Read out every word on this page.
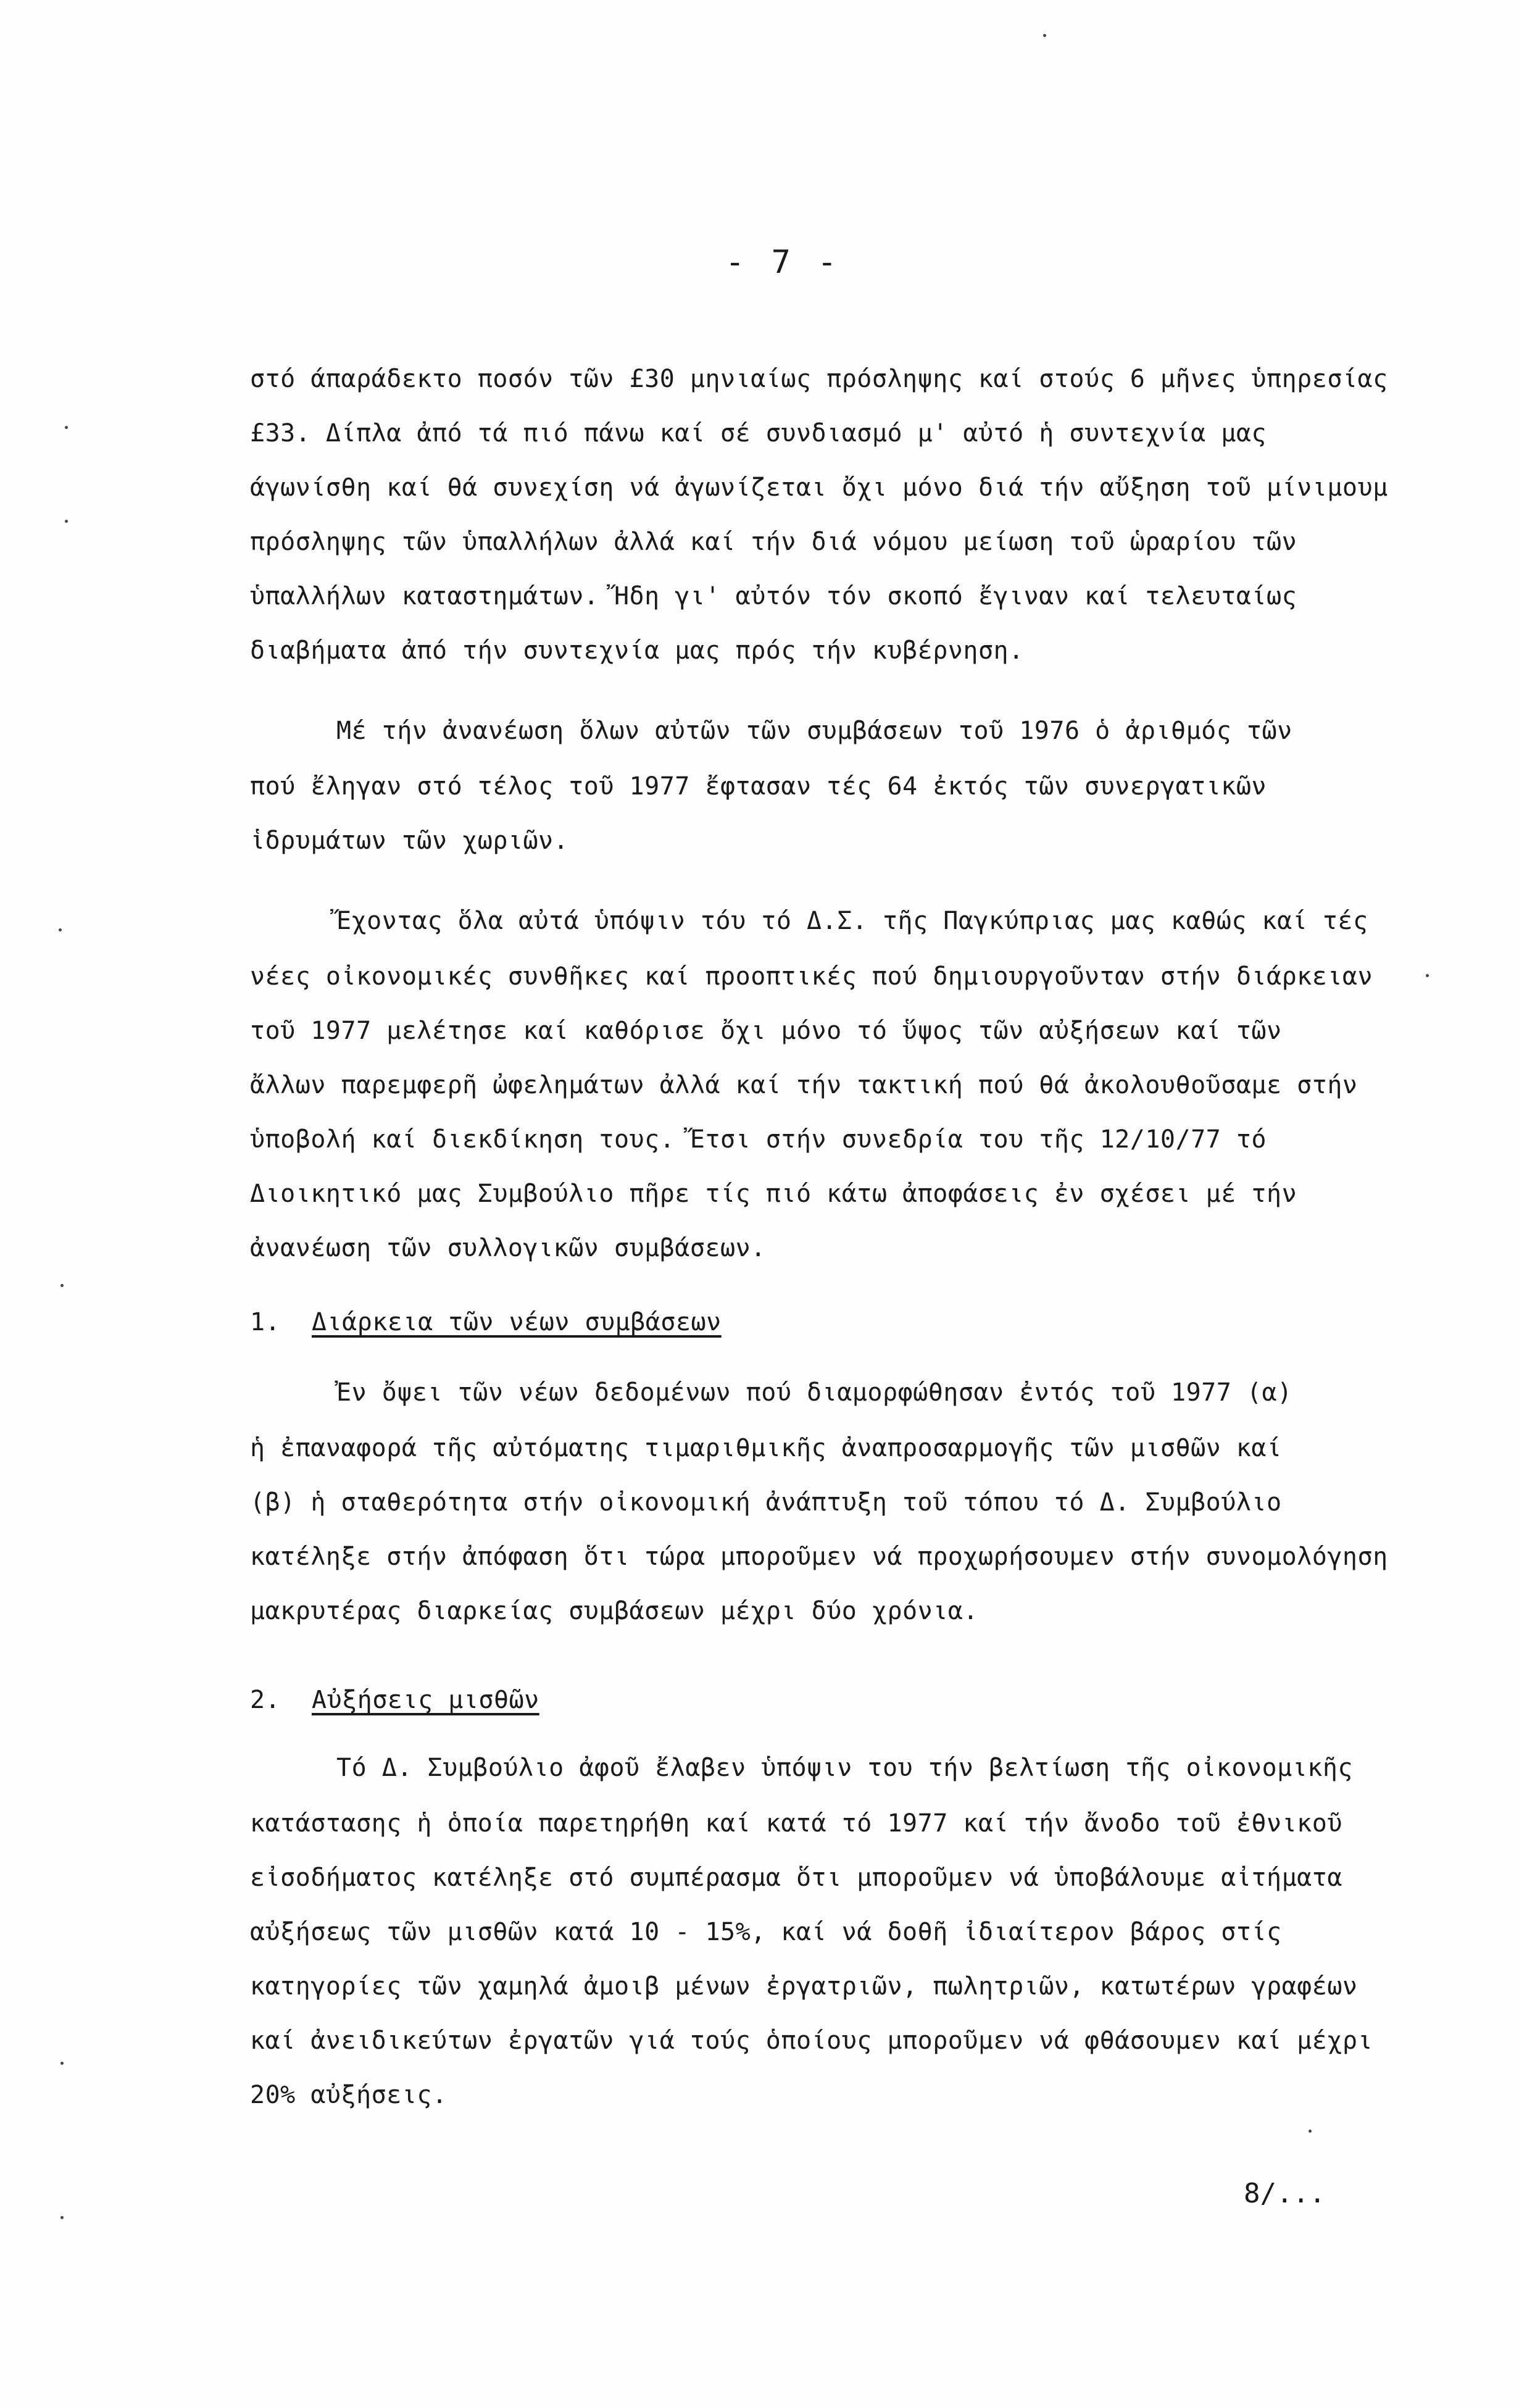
- 7 -
στό άπαράδεκτο ποσόν τῶν £30 μηνιαίως πρόσληψης καί στούς 6 μῆνες ὑπηρεσίας
£33. Δίπλα ἀπό τά πιό πάνω καί σέ συνδιασμό μ' αὐτό ἡ συντεχνία μας
άγωνίσθη καί θά συνεχίση νά ἀγωνίζεται ὄχι μόνο διά τήν αὔξηση τοῦ μίνιμουμ
πρόσληψης τῶν ὑπαλλήλων ἀλλά καί τήν διά νόμου μείωση τοῦ ὡραρίου τῶν
ὑπαλλήλων καταστημάτων. Ἤδη γι' αὐτόν τόν σκοπό ἔγιναν καί τελευταίως
διαβήματα ἀπό τήν συντεχνία μας πρός τήν κυβέρνηση.
Μέ τήν ἀνανέωση ὅλων αὐτῶν τῶν συμβάσεων τοῦ 1976 ὁ ἀριθμός τῶν
πού ἔληγαν στό τέλος τοῦ 1977 ἔφτασαν τές 64 ἐκτός τῶν συνεργατικῶν
ἱδρυμάτων τῶν χωριῶν.
Ἔχοντας ὅλα αὐτά ὑπόψιν τόυ τό Δ.Σ. τῆς Παγκύπριας μας καθώς καί τές
νέες οἰκονομικές συνθῆκες καί προοπτικές πού δημιουργοῦνταν στήν διάρκειαν
τοῦ 1977 μελέτησε καί καθόρισε ὄχι μόνο τό ὕψος τῶν αὐξήσεων καί τῶν
ἄλλων παρεμφερῆ ὠφελημάτων ἀλλά καί τήν τακτική πού θά ἀκολουθοῦσαμε στήν
ὑποβολή καί διεκδίκηση τους. Ἔτσι στήν συνεδρία του τῆς 12/10/77 τό
Διοικητικό μας Συμβούλιο πῆρε τίς πιό κάτω ἀποφάσεις ἐν σχέσει μέ τήν
ἀνανέωση τῶν συλλογικῶν συμβάσεων.
1. Διάρκεια τῶν νέων συμβάσεων
Ἐν ὄψει τῶν νέων δεδομένων πού διαμορφώθησαν ἐντός τοῦ 1977 (α)
ἡ ἐπαναφορά τῆς αὐτόματης τιμαριθμικῆς ἀναπροσαρμογῆς τῶν μισθῶν καί
(β) ἡ σταθερότητα στήν οἰκονομική ἀνάπτυξη τοῦ τόπου τό Δ. Συμβούλιο
κατέληξε στήν ἀπόφαση ὅτι τώρα μποροῦμεν νά προχωρήσουμεν στήν συνομολόγηση
μακρυτέρας διαρκείας συμβάσεων μέχρι δύο χρόνια.
2. Αὐξήσεις μισθῶν
Τό Δ. Συμβούλιο ἀφοῦ ἔλαβεν ὑπόψιν του τήν βελτίωση τῆς οἰκονομικῆς
κατάστασης ἡ ὁποία παρετηρήθη καί κατά τό 1977 καί τήν ἄνοδο τοῦ ἐθνικοῦ
εἰσοδήματος κατέληξε στό συμπέρασμα ὅτι μποροῦμεν νά ὑποβάλουμε αἰτήματα
αὐξήσεως τῶν μισθῶν κατά 10 - 15%, καί νά δοθῆ ἰδιαίτερον βάρος στίς
κατηγορίες τῶν χαμηλά ἀμοιβ μένων ἐργατριῶν, πωλητριῶν, κατωτέρων γραφέων
καί ἀνειδικεύτων ἐργατῶν γιά τούς ὁποίους μποροῦμεν νά φθάσουμεν καί μέχρι
20% αὐξήσεις.
8/...
